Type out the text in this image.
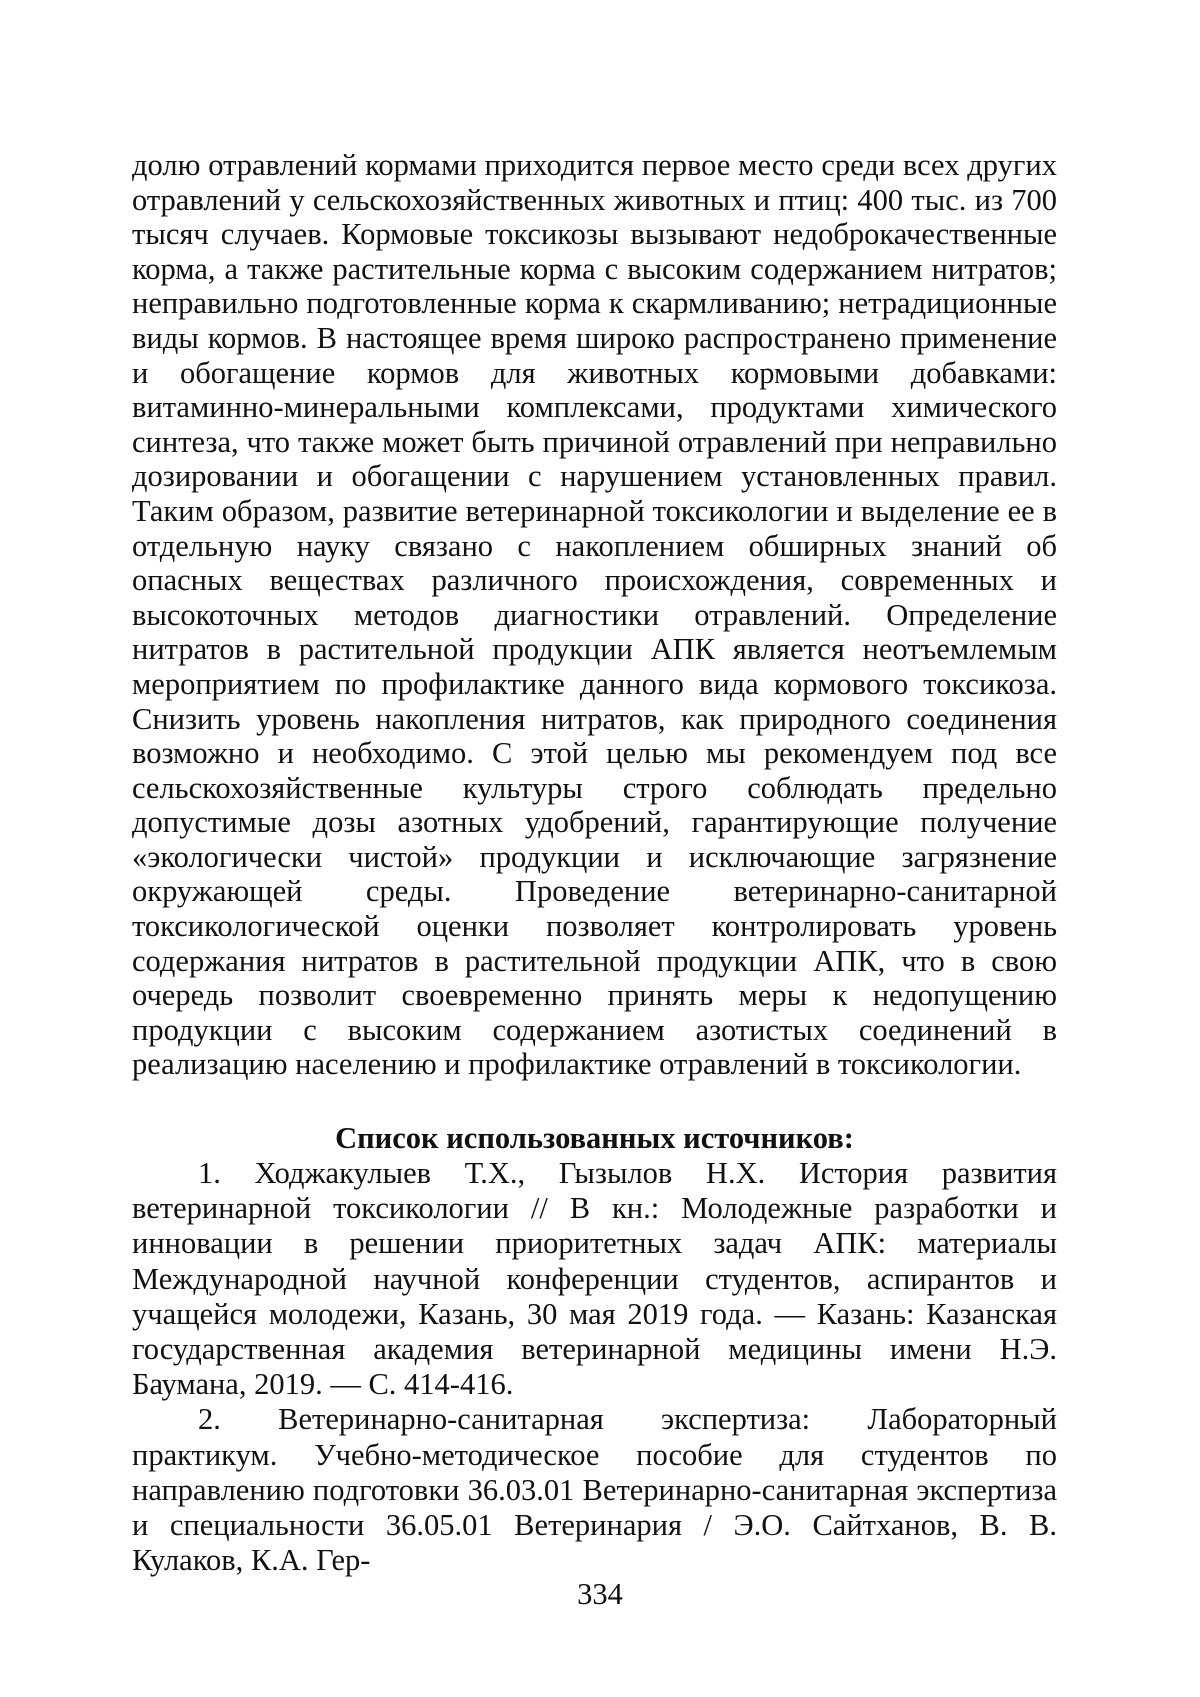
долю отравлений кормами приходится первое место среди всех других отравлений у сельскохозяйственных животных и птиц: 400 тыс. из 700 тысяч случаев. Кормовые токсикозы вызывают недоброкачественные корма, а также растительные корма с высоким содержанием нитратов; неправильно подготовленные корма к скармливанию; нетрадиционные виды кормов. В настоящее время широко распространено применение и обогащение кормов для животных кормовыми добавками: витаминно-минеральными комплексами, продуктами химического синтеза, что также может быть причиной отравлений при неправильно дозировании и обогащении с нарушением установленных правил. Таким образом, развитие ветеринарной токсикологии и выделение ее в отдельную науку связано с накоплением обширных знаний об опасных веществах различного происхождения, современных и высокоточных методов диагностики отравлений. Определение нитратов в растительной продукции АПК является неотъемлемым мероприятием по профилактике данного вида кормового токсикоза. Снизить уровень накопления нитратов, как природного соединения возможно и необходимо. С этой целью мы рекомендуем под все сельскохозяйственные культуры строго соблюдать предельно допустимые дозы азотных удобрений, гарантирующие получение «экологически чистой» продукции и исключающие загрязнение окружающей среды. Проведение ветеринарно-санитарной токсикологической оценки позволяет контролировать уровень содержания нитратов в растительной продукции АПК, что в свою очередь позволит своевременно принять меры к недопущению продукции с высоким содержанием азотистых соединений в реализацию населению и профилактике отравлений в токсикологии.

Список использованных источников:
1. Ходжакулыев Т.Х., Гызылов Н.Х. История развития ветеринарной токсикологии // В кн.: Молодежные разработки и инновации в решении приоритетных задач АПК: материалы Международной научной конференции студентов, аспирантов и учащейся молодежи, Казань, 30 мая 2019 года. — Казань: Казанская государственная академия ветеринарной медицины имени Н.Э. Баумана, 2019. — С. 414-416.
2. Ветеринарно-санитарная экспертиза: Лабораторный практикум. Учебно-методическое пособие для студентов по направлению подготовки 36.03.01 Ветеринарно-санитарная экспертиза и специальности 36.05.01 Ветеринария / Э.О. Сайтханов, В. В. Кулаков, К.А. Гер-
334
